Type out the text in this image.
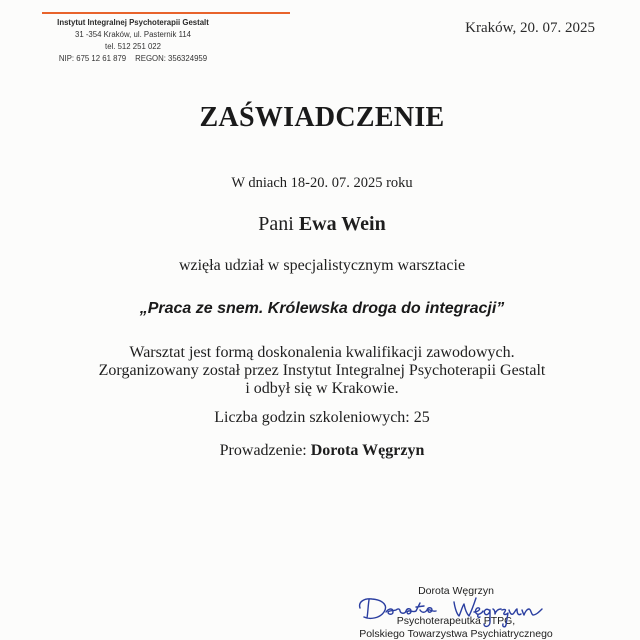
Instytut Integralnej Psychoterapii Gestalt
31 -354 Kraków, ul. Pasternik 114
tel. 512 251 022
NIP: 675 12 61 879 REGON: 356324959
Kraków, 20. 07. 2025
ZAŚWIADCZENIE
W dniach 18-20. 07. 2025 roku
Pani Ewa Wein
wzięła udział w specjalistycznym warsztacie
„Praca ze snem. Królewska droga do integracji”
Warsztat jest formą doskonalenia kwalifikacji zawodowych.
Zorganizowany został przez Instytut Integralnej Psychoterapii Gestalt
i odbył się w Krakowie.
Liczba godzin szkoleniowych: 25
Prowadzenie: Dorota Węgrzyn
Dorota Węgrzyn
Psychoterapeutka PTPG,
Polskiego Towarzystwa Psychiatrycznego
